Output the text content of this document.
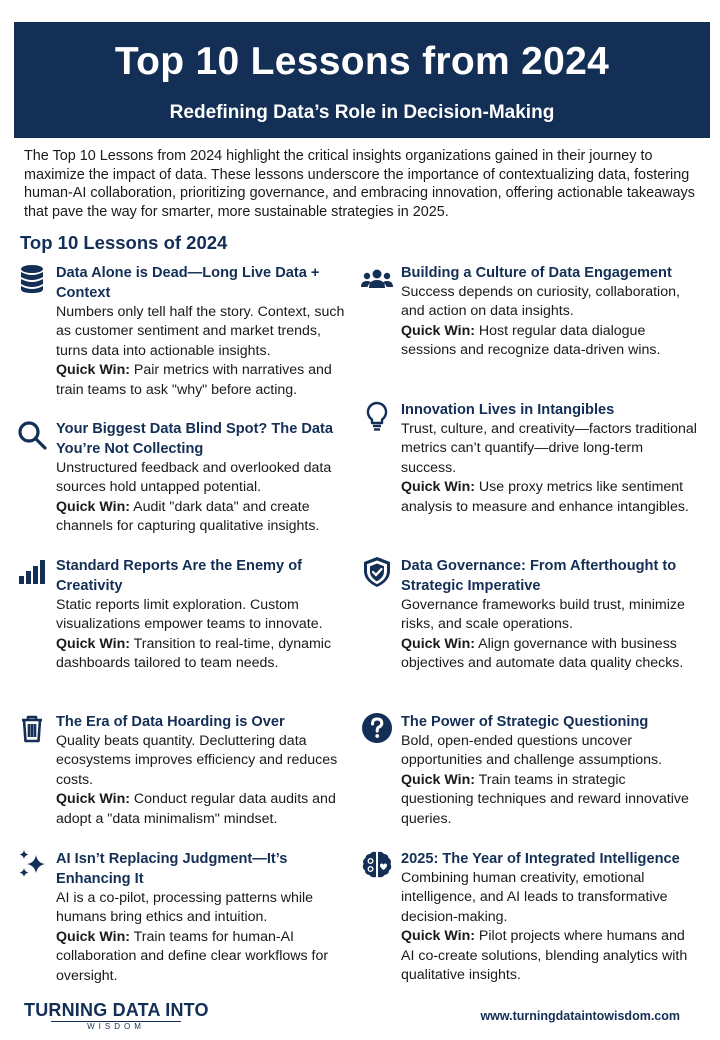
Top 10 Lessons from 2024
Redefining Data’s Role in Decision-Making

The Top 10 Lessons from 2024 highlight the critical insights organizations gained in their journey to maximize the impact of data. These lessons underscore the importance of contextualizing data, fostering human-AI collaboration, prioritizing governance, and embracing innovation, offering actionable takeaways that pave the way for smarter, more sustainable strategies in 2025.

Top 10 Lessons of 2024
Data Alone is Dead—Long Live Data + Context

Numbers only tell half the story. Context, such as customer sentiment and market trends, turns data into actionable insights.

Quick Win: Pair metrics with narratives and train teams to ask "why" before acting.

Your Biggest Data Blind Spot? The Data You’re Not Collecting

Unstructured feedback and overlooked data sources hold untapped potential.

Quick Win: Audit "dark data" and create channels for capturing qualitative insights.

Standard Reports Are the Enemy of Creativity

Static reports limit exploration. Custom visualizations empower teams to innovate.

Quick Win: Transition to real-time, dynamic dashboards tailored to team needs.

The Era of Data Hoarding is Over

Quality beats quantity. Decluttering data ecosystems improves efficiency and reduces costs.

Quick Win: Conduct regular data audits and adopt a "data minimalism" mindset.

AI Isn’t Replacing Judgment—It’s Enhancing It

AI is a co-pilot, processing patterns while humans bring ethics and intuition.

Quick Win: Train teams for human-AI collaboration and define clear workflows for oversight.

Building a Culture of Data Engagement

Success depends on curiosity, collaboration, and action on data insights.

Quick Win: Host regular data dialogue sessions and recognize data-driven wins.

Innovation Lives in Intangibles

Trust, culture, and creativity—factors traditional metrics can’t quantify—drive long-term success.

Quick Win: Use proxy metrics like sentiment analysis to measure and enhance intangibles.

Data Governance: From Afterthought to Strategic Imperative

Governance frameworks build trust, minimize risks, and scale operations.

Quick Win: Align governance with business objectives and automate data quality checks.

The Power of Strategic Questioning

Bold, open-ended questions uncover opportunities and challenge assumptions.

Quick Win: Train teams in strategic questioning techniques and reward innovative queries.

2025: The Year of Integrated Intelligence

Combining human creativity, emotional intelligence, and AI leads to transformative decision-making.

Quick Win: Pilot projects where humans and AI co-create solutions, blending analytics with qualitative insights.

TURNING DATA INTO
WISDOM
www.turningdataintowisdom.com
